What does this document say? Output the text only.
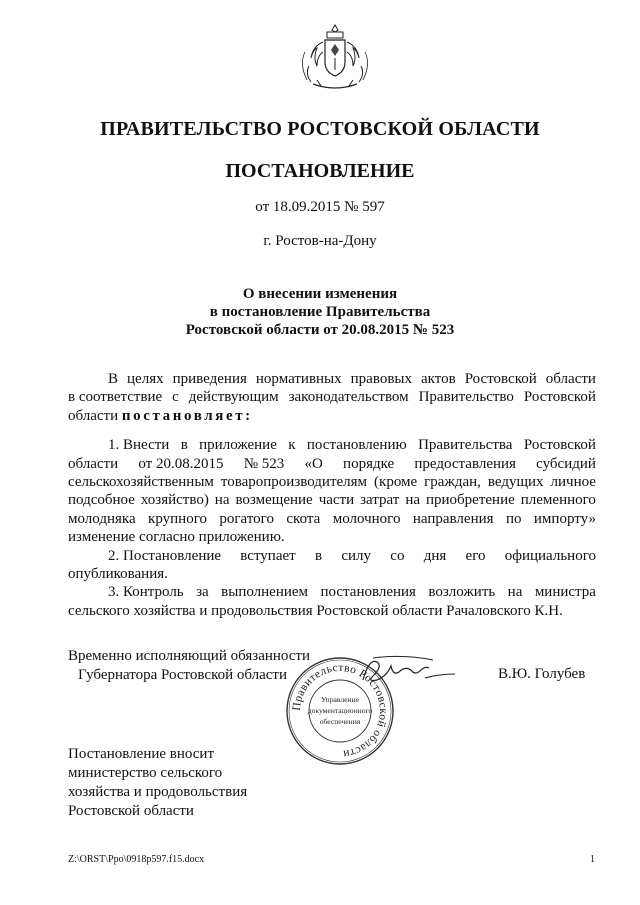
ПРАВИТЕЛЬСТВО РОСТОВСКОЙ ОБЛАСТИ
ПОСТАНОВЛЕНИЕ
от 18.09.2015 № 597
г. Ростов-на-Дону
О внесении изменения
в постановление Правительства
Ростовской области от 20.08.2015 № 523
В целях приведения нормативных правовых актов Ростовской области
в соответствие с действующим законодательством Правительство Ростовской
области постановляет:
1. Внести в приложение к постановлению Правительства Ростовской
области от 20.08.2015 № 523 «О порядке предоставления субсидий
сельскохозяйственным товаропроизводителям (кроме граждан, ведущих личное
подсобное хозяйство) на возмещение части затрат на приобретение племенного
молодняка крупного рогатого скота молочного направления по импорту»
изменение согласно приложению.
2. Постановление вступает в силу со дня его официального
опубликования.
3. Контроль за выполнением постановления возложить на министра
сельского хозяйства и продовольствия Ростовской области Рачаловского К.Н.
Правительство Ростовской области
Управление
документационного
обеспечения
Временно исполняющий обязанности
Губернатора Ростовской области	В.Ю. Голубев
Постановление вносит
министерство сельского
хозяйства и продовольствия
Ростовской области
Z:\ORST\Ppo\0918p597.f15.docx	1
